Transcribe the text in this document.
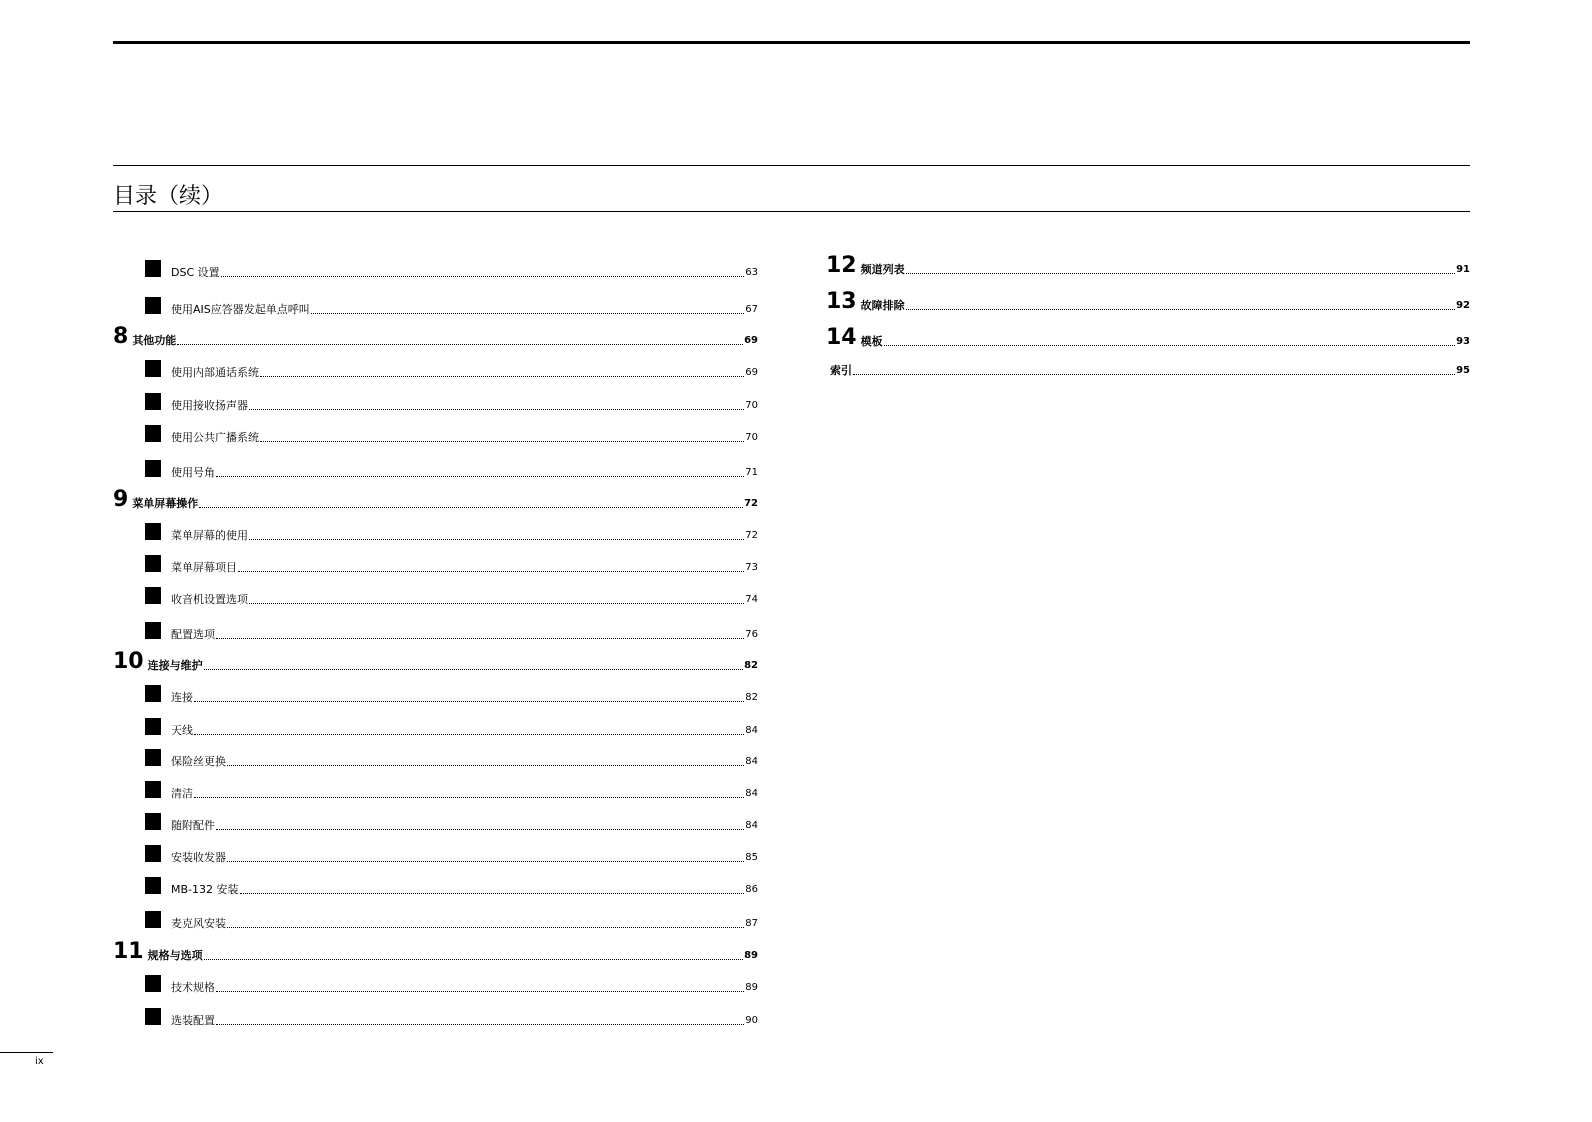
目录（续）
DSC 设置	63
使用AIS应答器发起单点呼叫	67
8 其他功能	69
使用内部通话系统	69
使用接收扬声器	70
使用公共广播系统	70
使用号角	71
9 菜单屏幕操作	72
菜单屏幕的使用	72
菜单屏幕项目	73
收音机设置选项	74
配置选项	76
10 连接与维护	82
连接	82
天线	84
保险丝更换	84
清洁	84
随附配件	84
安装收发器	85
MB-132 安装	86
麦克风安装	87
11 规格与选项	89
技术规格	89
选装配置	90
12 频道列表	91
13 故障排除	92
14 模板	93
索引	95
ix
